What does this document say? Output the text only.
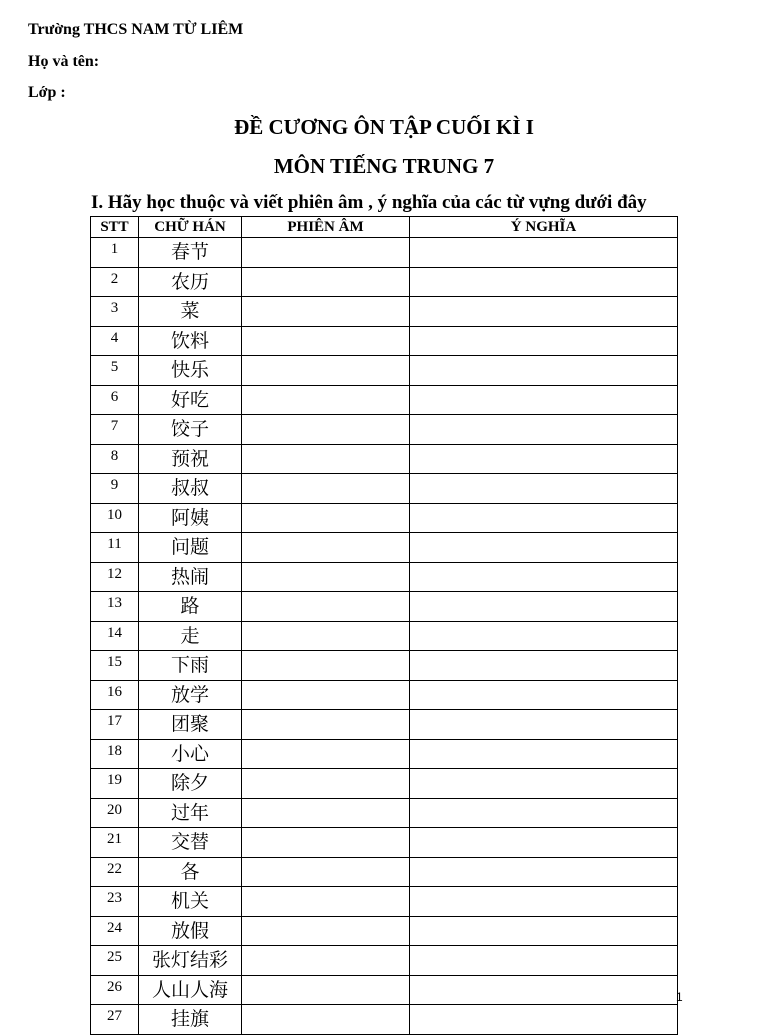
Trường THCS NAM TỪ LIÊM
Họ và tên:
Lớp :
ĐỀ CƯƠNG ÔN TẬP CUỐI KÌ I
MÔN TIẾNG TRUNG 7
I. Hãy học thuộc và viết phiên âm , ý nghĩa của các từ vựng dưới đây
STT	CHỮ HÁN	PHIÊN ÂM	Ý NGHĨA
1	春节		
2	农历		
3	菜		
4	饮料		
5	快乐		
6	好吃		
7	饺子		
8	预祝		
9	叔叔		
10	阿姨		
11	问题		
12	热闹		
13	路		
14	走		
15	下雨		
16	放学		
17	团聚		
18	小心		
19	除夕		
20	过年		
21	交替		
22	各		
23	机关		
24	放假		
25	张灯结彩		
26	人山人海		
27	挂旗		
1
